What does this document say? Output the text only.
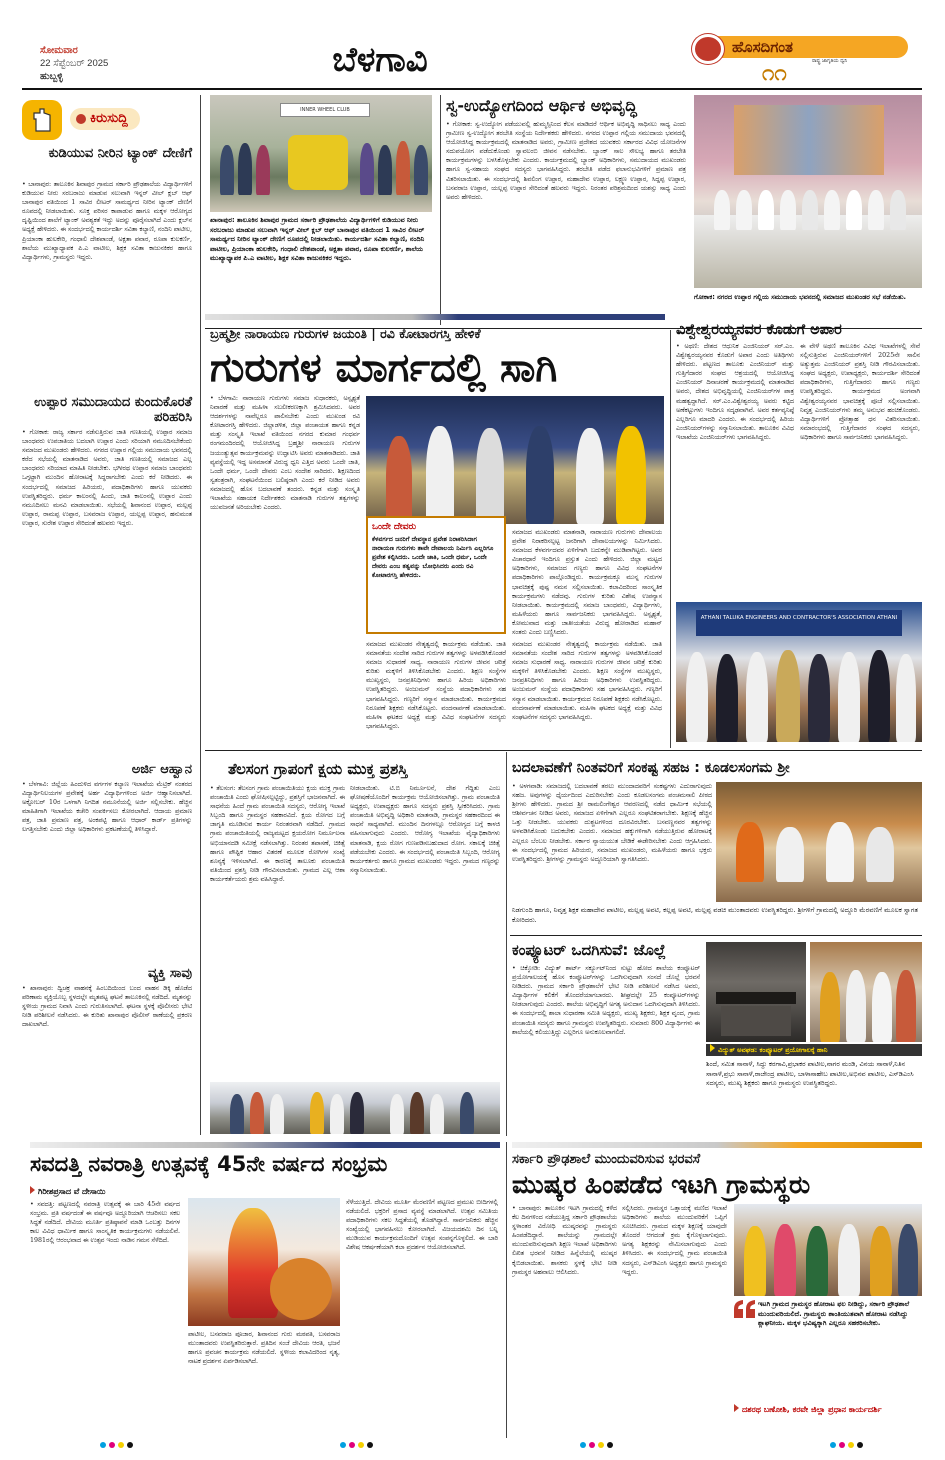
ಸೋಮವಾರ
22 ಸೆಪ್ಟೆಂಬರ್ 2025
ಹುಬ್ಬಳ್ಳಿ	ಬೆಳಗಾವಿ	ಹೊಸದಿಗಂತ
ರಾಷ್ಟ್ರ ಜಾಗೃತಿಯ ಧ್ವನಿ
೧೧
ಕಿರುಸುದ್ದಿ
ಕುಡಿಯುವ ನೀರಿನ ಟ್ಯಾಂಕ್ ದೇಣಿಗೆ
• ಬಾನಾಪುರ: ತಾಲೂಕಿನ ಶಿವಾಪುರ ಗ್ರಾಮದ ಸರ್ಕಾರಿ ಪ್ರೌಢಶಾಲೆಯ ವಿದ್ಯಾರ್ಥಿಗಳಿಗೆ ಕುಡಿಯುವ ನೀರು ಸರಬರಾಜು ಮಾಡುವ ಸಲುವಾಗಿ ಇನ್ನರ್ ವೀಲ್ ಕ್ಲಬ್ ಆಫ್ ಬಾನಾಪುರ ವತಿಯಿಂದ 1 ಸಾವಿರ ಲೀಟರ್ ಸಾಮರ್ಥ್ಯದ ನೀರಿನ ಟ್ಯಾಂಕ್ ದೇಣಿಗೆ ರೂಪದಲ್ಲಿ ನೀಡಲಾಯಿತು. ಸೂಕ್ತ ಪರಿಸರ ಕಾಪಾಡುವ ಹಾಗೂ ಮಕ್ಕಳ ಆರೋಗ್ಯದ ದೃಷ್ಟಿಯಿಂದ ಶಾಲೆಗೆ ಟ್ಯಾಂಕ್ ಅವಶ್ಯಕತೆ ಇದ್ದು ಅದನ್ನು ಪೂರೈಸಲಾಗಿದೆ ಎಂದು ಕ್ಲಬ್‌ನ ಅಧ್ಯಕ್ಷೆ ಹೇಳಿದರು. ಈ ಸಂದರ್ಭದಲ್ಲಿ ಕಾರ್ಯದರ್ಶಿ ಸವಿತಾ ಕಲ್ಯಾಣಿ, ನಂದಿನಿ ಪಾಟೀಲ, ಪ್ರಿಯಾಂಕಾ ಹುಲಕೇರಿ, ಗಂಧಾಲಿ ದೇಶಪಾಂಡೆ, ಅಕ್ಷತಾ ಪವಾರ, ರೂಪಾ ಕುಲಕರ್ಣಿ, ಶಾಲೆಯ ಮುಖ್ಯಾಧ್ಯಾಪಕ ಪಿ.ಎ ವಾಟೀಲ, ಶಿಕ್ಷಕ ಸವಿತಾ ಕಾಜುನಕಿಕರ ಹಾಗೂ ವಿದ್ಯಾರ್ಥಿಗಳು, ಗ್ರಾಮಸ್ಥರು ಇದ್ದರು.
ಉಪ್ಪಾರ ಸಮುದಾಯದ ಕುಂದುಕೊರತೆ ಪರಿಹರಿಸಿ
• ಗೋಕಾಕ: ರಾಜ್ಯ ಸರ್ಕಾರ ನಡೆಸುತ್ತಿರುವ ಜಾತಿ ಗಣತಿಯಲ್ಲಿ ಉಪ್ಪಾರ ಸಮಾಜ ಬಾಂಧವರು ಉಪಜಾತಿಯ ಬದಲಾಗಿ ಉಪ್ಪಾರ ಎಂದು ಸರಿಯಾಗಿ ನಮೂದಿಸಬೇಕೆಂದು ಸಮಾಜದ ಮುಖಂಡರು ಹೇಳಿದರು. ನಗರದ ಉಪ್ಪಾರ ಗಲ್ಲಿಯ ಸಮುದಾಯ ಭವನದಲ್ಲಿ ಕರೆದ ಸಭೆಯಲ್ಲಿ ಮಾತನಾಡಿದ ಅವರು, ಜಾತಿ ಗಣತಿಯಲ್ಲಿ ಸಮಾಜದ ಎಲ್ಲ ಬಾಂಧವರು ಸರಿಯಾದ ಮಾಹಿತಿ ನೀಡಬೇಕು. ಭಗೀರಥ ಉಪ್ಪಾರ ಸಮಾಜ ಬಾಂಧವರು ಒಗ್ಗಟ್ಟಾಗಿ ಮುಂದಿನ ಹೋರಾಟಕ್ಕೆ ಸಿದ್ಧರಾಗಬೇಕು ಎಂದು ಕರೆ ನೀಡಿದರು. ಈ ಸಂದರ್ಭದಲ್ಲಿ ಸಮಾಜದ ಹಿರಿಯರು, ಪದಾಧಿಕಾರಿಗಳು ಹಾಗೂ ಯುವಕರು ಉಪಸ್ಥಿತರಿದ್ದರು. ಧರ್ಮ ಕಾಲಂನಲ್ಲಿ ಹಿಂದು, ಜಾತಿ ಕಾಲಂನಲ್ಲಿ ಉಪ್ಪಾರ ಎಂದು ನಮೂದಿಸಲು ಮನವಿ ಮಾಡಲಾಯಿತು. ಸಭೆಯಲ್ಲಿ ಶಿವಾನಂದ ಉಪ್ಪಾರ, ಮಲ್ಲಪ್ಪ ಉಪ್ಪಾರ, ರಾಮಪ್ಪ ಉಪ್ಪಾರ, ಬಸವರಾಜ ಉಪ್ಪಾರ, ಯಲ್ಲಪ್ಪ ಉಪ್ಪಾರ, ಹನುಮಂತ ಉಪ್ಪಾರ, ಸುರೇಶ ಉಪ್ಪಾರ ಸೇರಿದಂತೆ ಹಲವರು ಇದ್ದರು.
ಅರ್ಜಿ ಆಹ್ವಾನ
• ಬೆಳಗಾವಿ: ಜಿಲ್ಲೆಯ ಹಿಂದುಳಿದ ವರ್ಗಗಳ ಕಲ್ಯಾಣ ಇಲಾಖೆಯ ಮೆಟ್ರಿಕ್ ನಂತರದ ವಿದ್ಯಾರ್ಥಿನಿಲಯಗಳ ಪ್ರವೇಶಕ್ಕೆ ಅರ್ಹ ವಿದ್ಯಾರ್ಥಿಗಳಿಂದ ಅರ್ಜಿ ಆಹ್ವಾನಿಸಲಾಗಿದೆ. ಅಕ್ಟೋಬರ್ 10ರ ಒಳಗಾಗಿ ನಿಗದಿತ ನಮೂನೆಯಲ್ಲಿ ಅರ್ಜಿ ಸಲ್ಲಿಸಬೇಕು. ಹೆಚ್ಚಿನ ಮಾಹಿತಿಗಾಗಿ ಇಲಾಖೆಯ ಕಚೇರಿ ಸಂಪರ್ಕಿಸಲು ಕೋರಲಾಗಿದೆ. ಆದಾಯ ಪ್ರಮಾಣ ಪತ್ರ, ಜಾತಿ ಪ್ರಮಾಣ ಪತ್ರ, ಅಂಕಪಟ್ಟಿ ಹಾಗೂ ಆಧಾರ್ ಕಾರ್ಡ್ ಪ್ರತಿಗಳನ್ನು ಲಗತ್ತಿಸಬೇಕು ಎಂದು ಜಿಲ್ಲಾ ಅಧಿಕಾರಿಗಳು ಪ್ರಕಟಣೆಯಲ್ಲಿ ತಿಳಿಸಿದ್ದಾರೆ.
ವ್ಯಕ್ತಿ ಸಾವು
• ಖಾನಾಪುರ: ದ್ವಿಚಕ್ರ ವಾಹನಕ್ಕೆ ಹಿಂಬದಿಯಿಂದ ಬಂದ ವಾಹನ ಡಿಕ್ಕಿ ಹೊಡೆದ ಪರಿಣಾಮ ವ್ಯಕ್ತಿಯೊಬ್ಬ ಸ್ಥಳದಲ್ಲೇ ಮೃತಪಟ್ಟ ಘಟನೆ ತಾಲೂಕಿನಲ್ಲಿ ನಡೆದಿದೆ. ಮೃತನನ್ನು ಸ್ಥಳೀಯ ಗ್ರಾಮದ ನಿವಾಸಿ ಎಂದು ಗುರುತಿಸಲಾಗಿದೆ. ಘಟನಾ ಸ್ಥಳಕ್ಕೆ ಪೊಲೀಸರು ಭೇಟಿ ನೀಡಿ ಪರಿಶೀಲನೆ ನಡೆಸಿದರು. ಈ ಕುರಿತು ಖಾನಾಪುರ ಪೊಲೀಸ್ ಠಾಣೆಯಲ್ಲಿ ಪ್ರಕರಣ ದಾಖಲಾಗಿದೆ.
INNER WHEEL CLUB
ಖಾನಾಪುರ: ತಾಲೂಕಿನ ಶಿವಾಪುರ ಗ್ರಾಮದ ಸರ್ಕಾರಿ ಪ್ರೌಢಶಾಲೆಯ ವಿದ್ಯಾರ್ಥಿಗಳಿಗೆ ಕುಡಿಯುವ ನೀರು ಸರಬರಾಜು ಮಾಡುವ ಸಲುವಾಗಿ ಇನ್ನರ್ ವೀಲ್ ಕ್ಲಬ್ ಆಫ್ ಬಾನಾಪುರ ವತಿಯಿಂದ 1 ಸಾವಿರ ಲೀಟರ್ ಸಾಮರ್ಥ್ಯದ ನೀರಿನ ಟ್ಯಾಂಕ್ ದೇಣಿಗೆ ರೂಪದಲ್ಲಿ ನೀಡಲಾಯಿತು. ಕಾರ್ಯದರ್ಶಿ ಸವಿತಾ ಕಲ್ಯಾಣಿ, ನಂದಿನಿ ಪಾಟೀಲ, ಪ್ರಿಯಾಂಕಾ ಹುಲಕೇರಿ, ಗಂಧಾಲಿ ದೇಶಪಾಂಡೆ, ಅಕ್ಷತಾ ಪವಾರ, ರೂಪಾ ಕುಲಕರ್ಣಿ, ಶಾಲೆಯ ಮುಖ್ಯಾಧ್ಯಾಪಕ ಪಿ.ಎ ವಾಟೀಲ, ಶಿಕ್ಷಕ ಸವಿತಾ ಕಾಜುನಕಿಕರ ಇದ್ದರು.
ಸ್ವ-ಉದ್ಯೋಗದಿಂದ ಆರ್ಥಿಕ ಅಭಿವೃದ್ಧಿ
• ಗೋಕಾಕ: ಸ್ವ-ಉದ್ಯೋಗ ಪಡೆಯುವಲ್ಲಿ ಹುಮ್ಮಸ್ಸಿನಿಂದ ಕೆಲಸ ಮಾಡಿದರೆ ಆರ್ಥಿಕ ಅಭಿವೃದ್ಧಿ ಸಾಧಿಸಲು ಸಾಧ್ಯ ಎಂದು ಗ್ರಾಮೀಣ ಸ್ವ-ಉದ್ಯೋಗ ತರಬೇತಿ ಸಂಸ್ಥೆಯ ನಿರ್ದೇಶಕರು ಹೇಳಿದರು. ನಗರದ ಉಪ್ಪಾರ ಗಲ್ಲಿಯ ಸಮುದಾಯ ಭವನದಲ್ಲಿ ಆಯೋಜಿಸಿದ್ದ ಕಾರ್ಯಕ್ರಮದಲ್ಲಿ ಮಾತನಾಡಿದ ಅವರು, ಗ್ರಾಮೀಣ ಪ್ರದೇಶದ ಯುವಕರು ಸರ್ಕಾರದ ವಿವಿಧ ಯೋಜನೆಗಳ ಸದುಪಯೋಗ ಪಡೆದುಕೊಂಡು ಸ್ವಾವಲಂಬಿ ಜೀವನ ನಡೆಸಬೇಕು. ಬ್ಯಾಂಕ್ ಸಾಲ ಸೌಲಭ್ಯ ಹಾಗೂ ತರಬೇತಿ ಕಾರ್ಯಕ್ರಮಗಳನ್ನು ಬಳಸಿಕೊಳ್ಳಬೇಕು ಎಂದರು. ಕಾರ್ಯಕ್ರಮದಲ್ಲಿ ಬ್ಯಾಂಕ್ ಅಧಿಕಾರಿಗಳು, ಸಮುದಾಯದ ಮುಖಂಡರು ಹಾಗೂ ಸ್ವ-ಸಹಾಯ ಸಂಘದ ಸದಸ್ಯರು ಭಾಗವಹಿಸಿದ್ದರು. ತರಬೇತಿ ಪಡೆದ ಫಲಾನುಭವಿಗಳಿಗೆ ಪ್ರಮಾಣ ಪತ್ರ ವಿತರಿಸಲಾಯಿತು. ಈ ಸಂದರ್ಭದಲ್ಲಿ ಶಿವಲಿಂಗ ಉಪ್ಪಾರ, ಮಹಾದೇವ ಉಪ್ಪಾರ, ಲಕ್ಷ್ಮಣ ಉಪ್ಪಾರ, ಸಿದ್ದಪ್ಪ ಉಪ್ಪಾರ, ಬಸವರಾಜ ಉಪ್ಪಾರ, ಯಲ್ಲಪ್ಪ ಉಪ್ಪಾರ ಸೇರಿದಂತೆ ಹಲವರು ಇದ್ದರು. ನಿರಂತರ ಪರಿಶ್ರಮದಿಂದ ಯಶಸ್ಸು ಸಾಧ್ಯ ಎಂದು ಅವರು ಹೇಳಿದರು.
ಗೋಕಾಕ: ನಗರದ ಉಪ್ಪಾರ ಗಲ್ಲಿಯ ಸಮುದಾಯ ಭವನದಲ್ಲಿ ಸಮಾಜದ ಮುಖಂಡರ ಸಭೆ ನಡೆಯಿತು.
ಬ್ರಹ್ಮಶ್ರೀ ನಾರಾಯಣ ಗುರುಗಳ ಜಯಂತಿ | ರವಿ ಕೋಟಾರಗಸ್ತಿ ಹೇಳಿಕೆ
ಗುರುಗಳ ಮಾರ್ಗದಲ್ಲಿ ಸಾಗಿ
• ಬೆಳಗಾವಿ: ನಾರಾಯಣ ಗುರುಗಳು ಸಮಾಜ ಸುಧಾರಕರು, ಅಸ್ಪೃಶ್ಯತೆ ನಿವಾರಣೆ ಮತ್ತು ಮಹಿಳಾ ಸಬಲೀಕರಣಕ್ಕಾಗಿ ಶ್ರಮಿಸಿದವರು. ಅವರ ಆದರ್ಶಗಳನ್ನು ನಾವೆಲ್ಲರೂ ಪಾಲಿಸಬೇಕು ಎಂದು ಮುಖಂಡ ರವಿ ಕೋಟಾರಗಸ್ತಿ ಹೇಳಿದರು. ಜಿಲ್ಲಾಡಳಿತ, ಜಿಲ್ಲಾ ಪಂಚಾಯತ ಹಾಗೂ ಕನ್ನಡ ಮತ್ತು ಸಂಸ್ಕೃತಿ ಇಲಾಖೆ ವತಿಯಿಂದ ನಗರದ ಕುಮಾರ ಗಂಧರ್ವ ರಂಗಮಂದಿರದಲ್ಲಿ ಆಯೋಜಿಸಿದ್ದ ಬ್ರಹ್ಮಶ್ರೀ ನಾರಾಯಣ ಗುರುಗಳ ಜಯಂತ್ಯುತ್ಸವ ಕಾರ್ಯಕ್ರಮವನ್ನು ಉದ್ಘಾಟಿಸಿ ಅವರು ಮಾತನಾಡಿದರು. ಜಾತಿ ವ್ಯವಸ್ಥೆಯಲ್ಲಿ ಇದ್ದ ಅಸಮಾನತೆ ವಿರುದ್ಧ ಧ್ವನಿ ಎತ್ತಿದ ಅವರು ಒಂದೇ ಜಾತಿ, ಒಂದೇ ಧರ್ಮ, ಒಂದೇ ದೇವರು ಎಂಬ ಸಂದೇಶ ಸಾರಿದರು. ಶಿಕ್ಷಣದಿಂದ ಸ್ವತಂತ್ರರಾಗಿ, ಸಂಘಟನೆಯಿಂದ ಬಲಿಷ್ಠರಾಗಿ ಎಂದು ಕರೆ ನೀಡಿದ ಅವರು ಸಮಾಜದಲ್ಲಿ ಹೊಸ ಬದಲಾವಣೆ ತಂದರು. ಕನ್ನಡ ಮತ್ತು ಸಂಸ್ಕೃತಿ ಇಲಾಖೆಯ ಸಹಾಯಕ ನಿರ್ದೇಶಕರು ಮಾತನಾಡಿ ಗುರುಗಳ ತತ್ವಗಳನ್ನು ಯುವಜನತೆ ಅರಿಯಬೇಕು ಎಂದರು.
ಒಂದೇ ದೇವರು
ಕೆಳವರ್ಗದ ಜನರಿಗೆ ದೇವಸ್ಥಾನ ಪ್ರವೇಶ ನಿರಾಕರಿಸಿದಾಗ ನಾರಾಯಣ ಗುರುಗಳು ತಾವೇ ದೇವಾಲಯ ನಿರ್ಮಿಸಿ ಎಲ್ಲರಿಗೂ ಪ್ರವೇಶ ಕಲ್ಪಿಸಿದರು. ಒಂದೇ ಜಾತಿ, ಒಂದೇ ಧರ್ಮ, ಒಂದೇ ದೇವರು ಎಂಬ ತತ್ವವನ್ನು ಬೋಧಿಸಿದರು ಎಂದು ರವಿ ಕೋಟಾರಗಸ್ತಿ ಹೇಳಿದರು.
ಸಮಾಜದ ಮುಖಂಡರು ಮಾತನಾಡಿ, ನಾರಾಯಣ ಗುರುಗಳು ದೇವಾಲಯ ಪ್ರವೇಶ ನಿರಾಕರಿಸಲ್ಪಟ್ಟ ಜನರಿಗಾಗಿ ದೇವಾಲಯಗಳನ್ನು ನಿರ್ಮಿಸಿದರು. ಸಮಾಜದ ಕೆಳವರ್ಗದವರ ಏಳಿಗೆಗಾಗಿ ಬದುಕನ್ನೇ ಮುಡಿಪಾಗಿಟ್ಟರು. ಅವರ ವಿಚಾರಧಾರೆ ಇಂದಿಗೂ ಪ್ರಸ್ತುತ ಎಂದು ಹೇಳಿದರು. ಜಿಲ್ಲಾ ಮಟ್ಟದ ಅಧಿಕಾರಿಗಳು, ಸಮಾಜದ ಗಣ್ಯರು ಹಾಗೂ ವಿವಿಧ ಸಂಘಟನೆಗಳ ಪದಾಧಿಕಾರಿಗಳು ಪಾಲ್ಗೊಂಡಿದ್ದರು. ಕಾರ್ಯಕ್ರಮಕ್ಕೂ ಮುನ್ನ ಗುರುಗಳ ಭಾವಚಿತ್ರಕ್ಕೆ ಪುಷ್ಪ ನಮನ ಸಲ್ಲಿಸಲಾಯಿತು. ಕಲಾವಿದರಿಂದ ಸಾಂಸ್ಕೃತಿಕ ಕಾರ್ಯಕ್ರಮಗಳು ನಡೆದವು. ಗುರುಗಳ ಕುರಿತು ವಿಶೇಷ ಉಪನ್ಯಾಸ ನೀಡಲಾಯಿತು. ಕಾರ್ಯಕ್ರಮದಲ್ಲಿ ಸಮಾಜ ಬಾಂಧವರು, ವಿದ್ಯಾರ್ಥಿಗಳು, ಮಹಿಳೆಯರು ಹಾಗೂ ಸಾರ್ವಜನಿಕರು ಭಾಗವಹಿಸಿದ್ದರು. ಅಸ್ಪೃಶ್ಯತೆ, ಕೋಮುವಾದ ಮತ್ತು ಜಾತೀಯತೆಯ ವಿರುದ್ಧ ಹೋರಾಡಿದ ಮಹಾನ್ ಸಂತರು ಎಂದು ಬಣ್ಣಿಸಿದರು.
ಸಮಾಜದ ಮುಖಂಡರ ನೇತೃತ್ವದಲ್ಲಿ ಕಾರ್ಯಕ್ರಮ ನಡೆಯಿತು. ಜಾತಿ ಸಮಾನತೆಯ ಸಂದೇಶ ಸಾರಿದ ಗುರುಗಳ ತತ್ವಗಳನ್ನು ಅಳವಡಿಸಿಕೊಂಡರೆ ಸಮಾಜ ಸುಧಾರಣೆ ಸಾಧ್ಯ. ನಾರಾಯಣ ಗುರುಗಳ ಜೀವನ ಚರಿತ್ರೆ ಕುರಿತು ಮಕ್ಕಳಿಗೆ ತಿಳಿಸಿಕೊಡಬೇಕು ಎಂದರು. ಶಿಕ್ಷಣ ಸಂಸ್ಥೆಗಳ ಮುಖ್ಯಸ್ಥರು, ಜನಪ್ರತಿನಿಧಿಗಳು ಹಾಗೂ ಹಿರಿಯ ಅಧಿಕಾರಿಗಳು ಉಪಸ್ಥಿತರಿದ್ದರು. ಅಂಜುಮನ್ ಸಂಸ್ಥೆಯ ಪದಾಧಿಕಾರಿಗಳು ಸಹ ಭಾಗವಹಿಸಿದ್ದರು. ಗಣ್ಯರಿಗೆ ಸನ್ಮಾನ ಮಾಡಲಾಯಿತು. ಕಾರ್ಯಕ್ರಮದ ನಿರೂಪಣೆ ಶಿಕ್ಷಕರು ನಡೆಸಿಕೊಟ್ಟರು. ವಂದನಾರ್ಪಣೆ ಮಾಡಲಾಯಿತು. ಮಹಿಳಾ ಘಟಕದ ಅಧ್ಯಕ್ಷೆ ಮತ್ತು ವಿವಿಧ ಸಂಘಟನೆಗಳ ಸದಸ್ಯರು ಭಾಗವಹಿಸಿದ್ದರು.
ಸಮಾಜದ ಮುಖಂಡರ ನೇತೃತ್ವದಲ್ಲಿ ಕಾರ್ಯಕ್ರಮ ನಡೆಯಿತು. ಜಾತಿ ಸಮಾನತೆಯ ಸಂದೇಶ ಸಾರಿದ ಗುರುಗಳ ತತ್ವಗಳನ್ನು ಅಳವಡಿಸಿಕೊಂಡರೆ ಸಮಾಜ ಸುಧಾರಣೆ ಸಾಧ್ಯ. ನಾರಾಯಣ ಗುರುಗಳ ಜೀವನ ಚರಿತ್ರೆ ಕುರಿತು ಮಕ್ಕಳಿಗೆ ತಿಳಿಸಿಕೊಡಬೇಕು ಎಂದರು. ಶಿಕ್ಷಣ ಸಂಸ್ಥೆಗಳ ಮುಖ್ಯಸ್ಥರು, ಜನಪ್ರತಿನಿಧಿಗಳು ಹಾಗೂ ಹಿರಿಯ ಅಧಿಕಾರಿಗಳು ಉಪಸ್ಥಿತರಿದ್ದರು. ಅಂಜುಮನ್ ಸಂಸ್ಥೆಯ ಪದಾಧಿಕಾರಿಗಳು ಸಹ ಭಾಗವಹಿಸಿದ್ದರು. ಗಣ್ಯರಿಗೆ ಸನ್ಮಾನ ಮಾಡಲಾಯಿತು. ಕಾರ್ಯಕ್ರಮದ ನಿರೂಪಣೆ ಶಿಕ್ಷಕರು ನಡೆಸಿಕೊಟ್ಟರು. ವಂದನಾರ್ಪಣೆ ಮಾಡಲಾಯಿತು. ಮಹಿಳಾ ಘಟಕದ ಅಧ್ಯಕ್ಷೆ ಮತ್ತು ವಿವಿಧ ಸಂಘಟನೆಗಳ ಸದಸ್ಯರು ಭಾಗವಹಿಸಿದ್ದರು.
ವಿಶ್ವೇಶ್ವರಯ್ಯನವರ ಕೊಡುಗೆ ಅಪಾರ
• ಅಥಣಿ: ದೇಶದ ಆಧುನಿಕ ಎಂಜಿನಿಯರ್ ಸರ್.ಎಂ. ವಿಶ್ವೇಶ್ವರಯ್ಯನವರ ಕೊಡುಗೆ ಅಪಾರ ಎಂದು ಅತಿಥಿಗಳು ಹೇಳಿದರು. ಪಟ್ಟಣದ ತಾಲೂಕು ಎಂಜಿನಿಯರ್ ಮತ್ತು ಗುತ್ತಿಗೆದಾರರ ಸಂಘದ ಆಶ್ರಯದಲ್ಲಿ ಆಯೋಜಿಸಿದ್ದ ಎಂಜಿನಿಯರ್ ದಿನಾಚರಣೆ ಕಾರ್ಯಕ್ರಮದಲ್ಲಿ ಮಾತನಾಡಿದ ಅವರು, ದೇಶದ ಅಭಿವೃದ್ಧಿಯಲ್ಲಿ ಎಂಜಿನಿಯರ್‌ಗಳ ಪಾತ್ರ ಮಹತ್ವದ್ದಾಗಿದೆ. ಸರ್.ಎಂ.ವಿಶ್ವೇಶ್ವರಯ್ಯ ಅವರು ಕಟ್ಟಿದ ಅಣೆಕಟ್ಟುಗಳು ಇಂದಿಗೂ ಸದೃಢವಾಗಿವೆ. ಅವರ ಕರ್ತವ್ಯನಿಷ್ಠೆ ಎಲ್ಲರಿಗೂ ಮಾದರಿ ಎಂದರು. ಈ ಸಂದರ್ಭದಲ್ಲಿ ಹಿರಿಯ ಎಂಜಿನಿಯರ್‌ಗಳನ್ನು ಸನ್ಮಾನಿಸಲಾಯಿತು. ತಾಲೂಕಿನ ವಿವಿಧ ಇಲಾಖೆಯ ಎಂಜಿನಿಯರ್‌ಗಳು ಭಾಗವಹಿಸಿದ್ದರು.
ಈ ವೇಳೆ ಅಥಣಿ ತಾಲೂಕಿನ ವಿವಿಧ ಇಲಾಖೆಗಳಲ್ಲಿ ಸೇವೆ ಸಲ್ಲಿಸುತ್ತಿರುವ ಎಂಜಿನಿಯರ್‌ಗಳಿಗೆ 2025ನೇ ಸಾಲಿನ ಅತ್ಯುತ್ತಮ ಎಂಜಿನಿಯರ್ ಪ್ರಶಸ್ತಿ ನೀಡಿ ಗೌರವಿಸಲಾಯಿತು. ಸಂಘದ ಅಧ್ಯಕ್ಷರು, ಉಪಾಧ್ಯಕ್ಷರು, ಕಾರ್ಯದರ್ಶಿ ಸೇರಿದಂತೆ ಪದಾಧಿಕಾರಿಗಳು, ಗುತ್ತಿಗೆದಾರರು ಹಾಗೂ ಗಣ್ಯರು ಉಪಸ್ಥಿತರಿದ್ದರು. ಕಾರ್ಯಕ್ರಮದ ಅಂಗವಾಗಿ ವಿಶ್ವೇಶ್ವರಯ್ಯನವರ ಭಾವಚಿತ್ರಕ್ಕೆ ಪೂಜೆ ಸಲ್ಲಿಸಲಾಯಿತು. ನಿವೃತ್ತ ಎಂಜಿನಿಯರ್‌ಗಳು ತಮ್ಮ ಅನುಭವ ಹಂಚಿಕೊಂಡರು. ವಿದ್ಯಾರ್ಥಿಗಳಿಗೆ ಪ್ರೋತ್ಸಾಹ ಧನ ವಿತರಿಸಲಾಯಿತು. ಸಮಾರಂಭದಲ್ಲಿ ಗುತ್ತಿಗೆದಾರರ ಸಂಘದ ಸದಸ್ಯರು, ಅಧಿಕಾರಿಗಳು ಹಾಗೂ ಸಾರ್ವಜನಿಕರು ಭಾಗವಹಿಸಿದ್ದರು.
ATHANI TALUKA ENGINEERS AND CONTRACTOR'S ASSOCIATION ATHANI
ತೆಲಸಂಗ ಗ್ರಾಪಂಗೆ ಕ್ಷಯ ಮುಕ್ತ ಪ್ರಶಸ್ತಿ
• ತೆಲಸಂಗ: ತೆಲಸಂಗ ಗ್ರಾಮ ಪಂಚಾಯಿತಿಯು ಕ್ಷಯ ಮುಕ್ತ ಗ್ರಾಮ ಪಂಚಾಯಿತಿ ಎಂದು ಘೋಷಿಸಲ್ಪಟ್ಟಿದ್ದು, ಪ್ರಶಸ್ತಿಗೆ ಭಾಜನವಾಗಿದೆ. ಈ ಸಾಧನೆಯ ಹಿಂದೆ ಗ್ರಾಮ ಪಂಚಾಯಿತಿ ಸದಸ್ಯರು, ಆರೋಗ್ಯ ಇಲಾಖೆ ಸಿಬ್ಬಂದಿ ಹಾಗೂ ಗ್ರಾಮಸ್ಥರ ಸಹಕಾರವಿದೆ. ಕ್ಷಯ ರೋಗದ ಬಗ್ಗೆ ಜಾಗೃತಿ ಮೂಡಿಸುವ ಕಾರ್ಯ ನಿರಂತರವಾಗಿ ನಡೆದಿದೆ. ಗ್ರಾಮದ ಗ್ರಾಮ ಪಂಚಾಯಿತಿಯಲ್ಲಿ ರಾಜ್ಯಮಟ್ಟದ ಕ್ಷಯರೋಗ ನಿರ್ಮೂಲನಾ ಅಭಿಯಾನದಡಿ ಸಮೀಕ್ಷೆ ನಡೆಸಲಾಗಿತ್ತು. ನಿರಂತರ ತಪಾಸಣೆ, ಚಿಕಿತ್ಸೆ ಹಾಗೂ ಪೌಷ್ಟಿಕ ಆಹಾರ ವಿತರಣೆ ಮೂಲಕ ರೋಗಿಗಳ ಸಂಖ್ಯೆ ಶೂನ್ಯಕ್ಕೆ ಇಳಿಸಲಾಗಿದೆ. ಈ ಕಾರಣಕ್ಕೆ ತಾಲೂಕು ಪಂಚಾಯಿತಿ ವತಿಯಿಂದ ಪ್ರಶಸ್ತಿ ನೀಡಿ ಗೌರವಿಸಲಾಯಿತು. ಗ್ರಾಮದ ಎಲ್ಲ ಆಶಾ ಕಾರ್ಯಕರ್ತೆಯರು ಶ್ರಮ ವಹಿಸಿದ್ದಾರೆ.
ನೀಡಲಾಯಿತು. ಟಿ.ಬಿ ನಿರ್ಮೂಲನೆ, ದೇಶ ಗೆದ್ದಿತು ಎಂಬ ಘೋಷಣೆಯೊಂದಿಗೆ ಕಾರ್ಯಕ್ರಮ ಆಯೋಜಿಸಲಾಗಿತ್ತು. ಗ್ರಾಮ ಪಂಚಾಯಿತಿ ಅಧ್ಯಕ್ಷರು, ಉಪಾಧ್ಯಕ್ಷರು ಹಾಗೂ ಸದಸ್ಯರು ಪ್ರಶಸ್ತಿ ಸ್ವೀಕರಿಸಿದರು. ಗ್ರಾಮ ಪಂಚಾಯಿತಿ ಅಭಿವೃದ್ಧಿ ಅಧಿಕಾರಿ ಮಾತನಾಡಿ, ಗ್ರಾಮಸ್ಥರ ಸಹಕಾರದಿಂದ ಈ ಸಾಧನೆ ಸಾಧ್ಯವಾಗಿದೆ. ಮುಂದಿನ ದಿನಗಳಲ್ಲೂ ಆರೋಗ್ಯದ ಬಗ್ಗೆ ಕಾಳಜಿ ವಹಿಸಲಾಗುವುದು ಎಂದರು. ಆರೋಗ್ಯ ಇಲಾಖೆಯ ವೈದ್ಯಾಧಿಕಾರಿಗಳು ಮಾತನಾಡಿ, ಕ್ಷಯ ರೋಗ ಗುಣಪಡಿಸಬಹುದಾದ ರೋಗ. ಸಕಾಲಕ್ಕೆ ಚಿಕಿತ್ಸೆ ಪಡೆಯಬೇಕು ಎಂದರು. ಈ ಸಂದರ್ಭದಲ್ಲಿ ಪಂಚಾಯಿತಿ ಸಿಬ್ಬಂದಿ, ಆರೋಗ್ಯ ಕಾರ್ಯಕರ್ತರು ಹಾಗೂ ಗ್ರಾಮದ ಮುಖಂಡರು ಇದ್ದರು. ಗ್ರಾಮದ ಗಣ್ಯರನ್ನು ಸನ್ಮಾನಿಸಲಾಯಿತು.
ಬದಲಾವಣೆಗೆ ನಿಂತವರಿಗೆ ಸಂಕಷ್ಟ ಸಹಜ : ಕೂಡಲಸಂಗಮ ಶ್ರೀ
• ಅಳಗವಾಡಿ: ಸಮಾಜದಲ್ಲಿ ಬದಲಾವಣೆ ತರಲು ಮುಂದಾದವರಿಗೆ ಸಂಕಷ್ಟಗಳು ಎದುರಾಗುವುದು ಸಹಜ. ಅವುಗಳನ್ನು ಧೈರ್ಯದಿಂದ ಎದುರಿಸಬೇಕು ಎಂದು ಕೂಡಲಸಂಗಮ ಪಂಚಮಸಾಲಿ ಪೀಠದ ಶ್ರೀಗಳು ಹೇಳಿದರು. ಗ್ರಾಮದ ಶ್ರೀ ರಾಮಲಿಂಗೇಶ್ವರ ಆವರಣದಲ್ಲಿ ನಡೆದ ಧಾರ್ಮಿಕ ಸಭೆಯಲ್ಲಿ ಆಶೀರ್ವಚನ ನೀಡಿದ ಅವರು, ಸಮಾಜದ ಏಳಿಗೆಗಾಗಿ ಎಲ್ಲರೂ ಸಂಘಟಿತರಾಗಬೇಕು. ಶಿಕ್ಷಣಕ್ಕೆ ಹೆಚ್ಚಿನ ಒತ್ತು ನೀಡಬೇಕು. ಯುವಕರು ದುಶ್ಚಟಗಳಿಂದ ದೂರವಿರಬೇಕು. ಬಸವಣ್ಣನವರ ತತ್ವಗಳನ್ನು ಅಳವಡಿಸಿಕೊಂಡು ಬದುಕಬೇಕು ಎಂದರು. ಸಮಾಜದ ಹಕ್ಕುಗಳಿಗಾಗಿ ನಡೆಯುತ್ತಿರುವ ಹೋರಾಟಕ್ಕೆ ಎಲ್ಲರೂ ಬೆಂಬಲ ನೀಡಬೇಕು. ಸರ್ಕಾರ ನ್ಯಾಯಯುತ ಬೇಡಿಕೆ ಈಡೇರಿಸಬೇಕು ಎಂದು ಆಗ್ರಹಿಸಿದರು. ಈ ಸಂದರ್ಭದಲ್ಲಿ ಗ್ರಾಮದ ಹಿರಿಯರು, ಸಮಾಜದ ಮುಖಂಡರು, ಮಹಿಳೆಯರು ಹಾಗೂ ಭಕ್ತರು ಉಪಸ್ಥಿತರಿದ್ದರು. ಶ್ರೀಗಳನ್ನು ಗ್ರಾಮಸ್ಥರು ಅದ್ದೂರಿಯಾಗಿ ಸ್ವಾಗತಿಸಿದರು.
ನಿಡಗುಂದಿ ಹಾಗೂ, ನಿವೃತ್ತ ಶಿಕ್ಷಕ ಮಹಾದೇವ ಪಾಟೀಲ, ಮಲ್ಲಪ್ಪ ಅವಟಿ, ಕಲ್ಲಪ್ಪ ಅವಟಿ, ಮಲ್ಲಪ್ಪ ವಡಚಿ ಮುಂತಾದವರು ಉಪಸ್ಥಿತರಿದ್ದರು. ಶ್ರೀಗಳಿಗೆ ಗ್ರಾಮದಲ್ಲಿ ಅದ್ದೂರಿ ಮೆರವಣಿಗೆ ಮೂಲಕ ಸ್ವಾಗತ ಕೋರಿದರು.
ಕಂಪ್ಯೂಟರ್ ಒದಗಿಸುವೆ: ಜೊಲ್ಲೆ
• ಚಿಕ್ಕೋಡಿ: ವಿದ್ಯುತ್ ಶಾರ್ಟ್ ಸರ್ಕ್ಯೂಟ್‌ನಿಂದ ಸುಟ್ಟು ಹೋದ ಶಾಲೆಯ ಕಂಪ್ಯೂಟರ್ ಪ್ರಯೋಗಾಲಯಕ್ಕೆ ಹೊಸ ಕಂಪ್ಯೂಟರ್‌ಗಳನ್ನು ಒದಗಿಸುವುದಾಗಿ ಸಂಸದೆ ಜೊಲ್ಲೆ ಭರವಸೆ ನೀಡಿದರು. ಗ್ರಾಮದ ಸರ್ಕಾರಿ ಪ್ರೌಢಶಾಲೆಗೆ ಭೇಟಿ ನೀಡಿ ಪರಿಶೀಲನೆ ನಡೆಸಿದ ಅವರು, ವಿದ್ಯಾರ್ಥಿಗಳ ಕಲಿಕೆಗೆ ತೊಂದರೆಯಾಗಬಾರದು. ಶೀಘ್ರದಲ್ಲೇ 25 ಕಂಪ್ಯೂಟರ್‌ಗಳನ್ನು ನೀಡಲಾಗುವುದು ಎಂದರು. ಶಾಲೆಯ ಅಭಿವೃದ್ಧಿಗೆ ಅಗತ್ಯ ಅನುದಾನ ಒದಗಿಸುವುದಾಗಿ ತಿಳಿಸಿದರು. ಈ ಸಂದರ್ಭದಲ್ಲಿ ಶಾಲಾ ಸುಧಾರಣಾ ಸಮಿತಿ ಅಧ್ಯಕ್ಷರು, ಮುಖ್ಯ ಶಿಕ್ಷಕರು, ಶಿಕ್ಷಕ ವೃಂದ, ಗ್ರಾಮ ಪಂಚಾಯಿತಿ ಸದಸ್ಯರು ಹಾಗೂ ಗ್ರಾಮಸ್ಥರು ಉಪಸ್ಥಿತರಿದ್ದರು. ಸುಮಾರು 800 ವಿದ್ಯಾರ್ಥಿಗಳು ಈ ಶಾಲೆಯಲ್ಲಿ ಕಲಿಯುತ್ತಿದ್ದು ಎಲ್ಲರಿಗೂ ಅನುಕೂಲವಾಗಲಿದೆ.
ವಿದ್ಯುತ್ ಅವಘಡ: ಕಂಪ್ಯೂಟರ್ ಪ್ರಯೋಗಾಲಕ್ಕೆ ಹಾನಿ
ಶಿಂದೆ, ಸಮಿತ ಸಾನಾಳೆ, ಸಿದ್ದು ಕರಗಾವಿ,ಪ್ರಭಾಕರ ಪಾಟೀಲ,ನಾಗರ ಮಂಡಿ, ವಿನಯ ಸಾನಾಳೆ,ನಿತಿನ ಸಾನಾಳೆ,ಪ್ರಭು ಸಾನಾಳೆ,ರಾಜೇಂದ್ರ ಪಾಟೀಲ, ಬಾಳಾಸಾಹೇಬ ಪಾಟೀಲ,ಅಭಿನವ ಪಾಟೀಲ, ಎಸ್‌ಡಿಎಂಸಿ ಸದಸ್ಯರು, ಮುಖ್ಯ ಶಿಕ್ಷಕರು ಹಾಗೂ ಗ್ರಾಮಸ್ಥರು ಉಪಸ್ಥಿತರಿದ್ದರು.
ಸವದತ್ತಿ ನವರಾತ್ರಿ ಉತ್ಸವಕ್ಕೆ 45ನೇ ವರ್ಷದ ಸಂಭ್ರಮ
ಗಿರೀಶಪ್ರಸಾದ ವೆ ದೇಸಾಯಿ
• ಸವದತ್ತಿ: ಪಟ್ಟಣದಲ್ಲಿ ನವರಾತ್ರಿ ಉತ್ಸವಕ್ಕೆ ಈ ಬಾರಿ 45ನೇ ವರ್ಷದ ಸಂಭ್ರಮ. ಪ್ರತಿ ವರ್ಷದಂತೆ ಈ ವರ್ಷವೂ ಅದ್ದೂರಿಯಾಗಿ ಆಚರಿಸಲು ಸಕಲ ಸಿದ್ಧತೆ ನಡೆದಿದೆ. ದೇವಿಯ ಮೂರ್ತಿ ಪ್ರತಿಷ್ಠಾಪನೆ ಮಾಡಿ ಒಂಬತ್ತು ದಿನಗಳ ಕಾಲ ವಿವಿಧ ಧಾರ್ಮಿಕ ಹಾಗೂ ಸಾಂಸ್ಕೃತಿಕ ಕಾರ್ಯಕ್ರಮಗಳು ನಡೆಯಲಿವೆ. 1981ರಲ್ಲಿ ಆರಂಭವಾದ ಈ ಉತ್ಸವ ಇಂದು ನಾಡಿನ ಗಮನ ಸೆಳೆದಿದೆ.
ಪಾಟೀಲ, ಬಸವರಾಜ ಪೂಜಾರ, ಶಿವಾನಂದ ಗುರು ಮಠಪತಿ, ಬಸವರಾಜ ಮುಂತಾದವರು ಉಪಸ್ಥಿತರಿರುತ್ತಾರೆ. ಪ್ರತಿದಿನ ಸಂಜೆ ದೇವಿಯ ಆರತಿ, ಭಜನೆ ಹಾಗೂ ಪ್ರವಚನ ಕಾರ್ಯಕ್ರಮ ನಡೆಯಲಿದೆ. ಸ್ಥಳೀಯ ಕಲಾವಿದರಿಂದ ನೃತ್ಯ, ನಾಟಕ ಪ್ರದರ್ಶನ ಏರ್ಪಡಿಸಲಾಗಿದೆ.
ಸೆಳೆಯುತ್ತಿದೆ. ದೇವಿಯ ಮೂರ್ತಿ ಮೆರವಣಿಗೆ ಪಟ್ಟಣದ ಪ್ರಮುಖ ಬೀದಿಗಳಲ್ಲಿ ನಡೆಯಲಿದೆ. ಭಕ್ತರಿಗೆ ಪ್ರಸಾದ ವ್ಯವಸ್ಥೆ ಮಾಡಲಾಗಿದೆ. ಉತ್ಸವ ಸಮಿತಿಯ ಪದಾಧಿಕಾರಿಗಳು ಸಕಲ ಸಿದ್ಧತೆಯಲ್ಲಿ ತೊಡಗಿದ್ದಾರೆ. ಸಾರ್ವಜನಿಕರು ಹೆಚ್ಚಿನ ಸಂಖ್ಯೆಯಲ್ಲಿ ಭಾಗವಹಿಸಲು ಕೋರಲಾಗಿದೆ. ವಿಜಯದಶಮಿ ದಿನ ಬನ್ನಿ ಮುಡಿಯುವ ಕಾರ್ಯಕ್ರಮದೊಂದಿಗೆ ಉತ್ಸವ ಸಂಪನ್ನಗೊಳ್ಳಲಿದೆ. ಈ ಬಾರಿ ವಿಶೇಷ ಆಕರ್ಷಣೆಯಾಗಿ ಕಲಾ ಪ್ರದರ್ಶನ ಆಯೋಜಿಸಲಾಗಿದೆ.
ಸರ್ಕಾರಿ ಪ್ರೌಢಶಾಲೆ ಮುಂದುವರಿಸುವ ಭರವಸೆ
ಮುಷ್ಕರ ಹಿಂಪಡೆದ ಇಟಗಿ ಗ್ರಾಮಸ್ಥರು
• ಬಾನಾಪುರ: ತಾಲೂಕಿನ ಇಟಗಿ ಗ್ರಾಮದಲ್ಲಿ ಕಳೆದ ಕೆಲ ದಿನಗಳಿಂದ ನಡೆಯುತ್ತಿದ್ದ ಸರ್ಕಾರಿ ಪ್ರೌಢಶಾಲೆಯ ಸ್ಥಳಾಂತರ ವಿರೋಧಿ ಮುಷ್ಕರವನ್ನು ಗ್ರಾಮಸ್ಥರು ಹಿಂಪಡೆದಿದ್ದಾರೆ. ಶಾಲೆಯನ್ನು ಗ್ರಾಮದಲ್ಲೇ ಮುಂದುವರಿಸುವುದಾಗಿ ಶಿಕ್ಷಣ ಇಲಾಖೆ ಅಧಿಕಾರಿಗಳು ಲಿಖಿತ ಭರವಸೆ ನೀಡಿದ ಹಿನ್ನೆಲೆಯಲ್ಲಿ ಮುಷ್ಕರ ಕೈಬಿಡಲಾಯಿತು. ಶಾಸಕರು ಸ್ಥಳಕ್ಕೆ ಭೇಟಿ ನೀಡಿ ಗ್ರಾಮಸ್ಥರ ಅಹವಾಲು ಆಲಿಸಿದರು.
ಸಲ್ಲಿಸಿದರು. ಗ್ರಾಮಸ್ಥರ ಒತ್ತಾಯಕ್ಕೆ ಮಣಿದ ಇಲಾಖೆ ಅಧಿಕಾರಿಗಳು ಶಾಲೆಯ ಮುಂದುವರಿಕೆಗೆ ಒಪ್ಪಿಗೆ ಸೂಚಿಸಿದರು. ಗ್ರಾಮದ ಮಕ್ಕಳ ಶಿಕ್ಷಣಕ್ಕೆ ಯಾವುದೇ ತೊಂದರೆ ಆಗದಂತೆ ಕ್ರಮ ಕೈಗೊಳ್ಳಲಾಗುವುದು. ಅಗತ್ಯ ಶಿಕ್ಷಕರನ್ನು ನೇಮಿಸಲಾಗುವುದು ಎಂದು ತಿಳಿಸಿದರು. ಈ ಸಂದರ್ಭದಲ್ಲಿ ಗ್ರಾಮ ಪಂಚಾಯಿತಿ ಸದಸ್ಯರು, ಎಸ್‌ಡಿಎಂಸಿ ಅಧ್ಯಕ್ಷರು ಹಾಗೂ ಗ್ರಾಮಸ್ಥರು ಇದ್ದರು.
ಇಟಗಿ ಗ್ರಾಮದ ಗ್ರಾಮಸ್ಥರ ಹೋರಾಟ ಫಲ ನೀಡಿದ್ದು, ಸರ್ಕಾರಿ ಪ್ರೌಢಶಾಲೆ ಮುಂದುವರಿಯಲಿದೆ. ಗ್ರಾಮಸ್ಥರು ಶಾಂತಿಯುತವಾಗಿ ಹೋರಾಟ ನಡೆಸಿದ್ದು ಶ್ಲಾಘನೀಯ. ಮಕ್ಕಳ ಭವಿಷ್ಯಕ್ಕಾಗಿ ಎಲ್ಲರೂ ಸಹಕರಿಸಬೇಕು.
ದಶರಥ ಬಣೋಶಿ, ಕರವೇ ಜಿಲ್ಲಾ ಪ್ರಧಾನ ಕಾರ್ಯದರ್ಶಿ
